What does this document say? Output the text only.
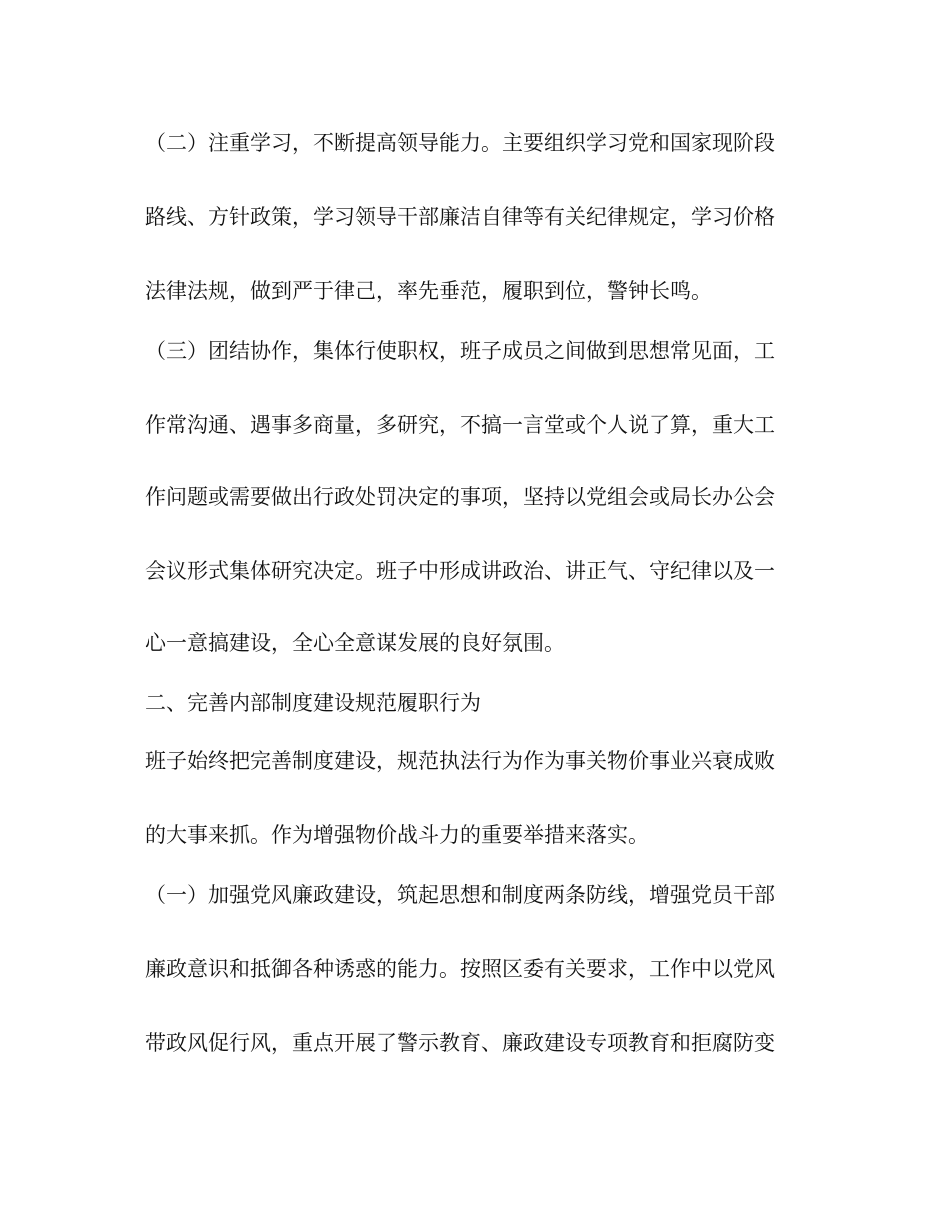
（二）注重学习，不断提高领导能力。主要组织学习党和国家现阶段
路线、方针政策，学习领导干部廉洁自律等有关纪律规定，学习价格
法律法规，做到严于律己，率先垂范，履职到位，警钟长鸣。
（三）团结协作，集体行使职权，班子成员之间做到思想常见面，工
作常沟通、遇事多商量，多研究，不搞一言堂或个人说了算，重大工
作问题或需要做出行政处罚决定的事项，坚持以党组会或局长办公会
会议形式集体研究决定。班子中形成讲政治、讲正气、守纪律以及一
心一意搞建设，全心全意谋发展的良好氛围。
二、完善内部制度建设规范履职行为
班子始终把完善制度建设，规范执法行为作为事关物价事业兴衰成败
的大事来抓。作为增强物价战斗力的重要举措来落实。
（一）加强党风廉政建设，筑起思想和制度两条防线，增强党员干部
廉政意识和抵御各种诱惑的能力。按照区委有关要求，工作中以党风
带政风促行风，重点开展了警示教育、廉政建设专项教育和拒腐防变
